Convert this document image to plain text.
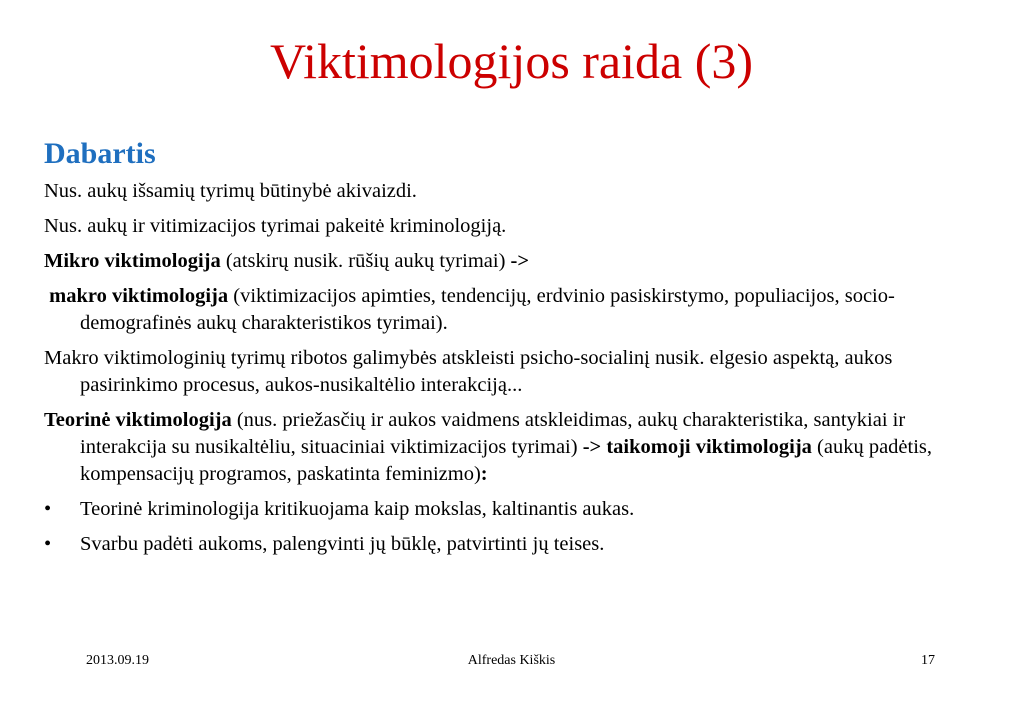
Viktimologijos raida (3)
Dabartis

Nus. aukų išsamių tyrimų būtinybė akivaizdi.

Nus. aukų ir vitimizacijos tyrimai pakeitė kriminologiją.

Mikro viktimologija (atskirų nusik. rūšių aukų tyrimai) ->

makro viktimologija (viktimizacijos apimties, tendencijų, erdvinio pasiskirstymo, populiacijos, socio-demografinės aukų charakteristikos tyrimai).

Makro viktimologinių tyrimų ribotos galimybės atskleisti psicho-socialinį nusik. elgesio aspektą, aukos pasirinkimo procesus, aukos-nusikaltėlio interakciją...

Teorinė viktimologija (nus. priežasčių ir aukos vaidmens atskleidimas, aukų charakteristika, santykiai ir interakcija su nusikaltėliu, situaciniai viktimizacijos tyrimai) -> taikomoji viktimologija (aukų padėtis, kompensacijų programos, paskatinta feminizmo):

•	Teorinė kriminologija kritikuojama kaip mokslas, kaltinantis aukas.
•	Svarbu padėti aukoms, palengvinti jų būklę, patvirtinti jų teises.
Alfredas Kiškis
2013.09.19	17
